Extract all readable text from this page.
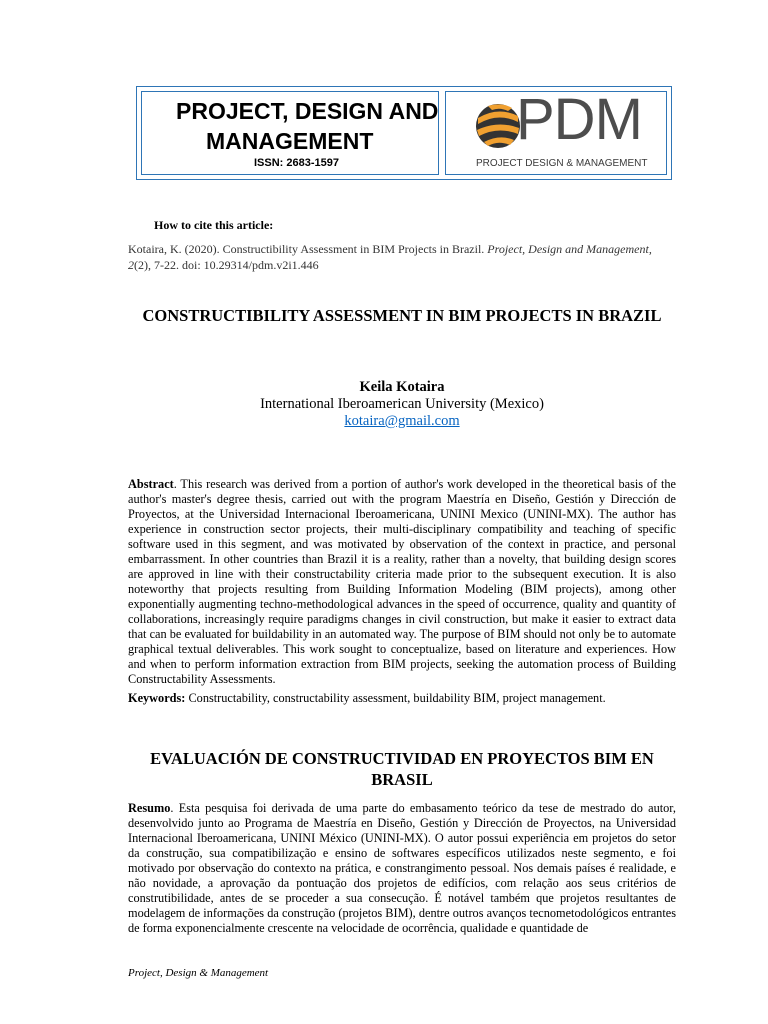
PROJECT, DESIGN AND
MANAGEMENT
ISSN: 2683-1597
PDM
PROJECT DESIGN & MANAGEMENT
How to cite this article:
Kotaira, K. (2020). Constructibility Assessment in BIM Projects in Brazil. Project, Design and Management, 2(2), 7-22. doi: 10.29314/pdm.v2i1.446
CONSTRUCTIBILITY ASSESSMENT IN BIM PROJECTS IN BRAZIL
Keila Kotaira
International Iberoamerican University (Mexico)
kotaira@gmail.com

Abstract. This research was derived from a portion of author's work developed in the theoretical basis of the author's master's degree thesis, carried out with the program Maestría en Diseño, Gestión y Dirección de Proyectos, at the Universidad Internacional Iberoamericana, UNINI Mexico (UNINI-MX). The author has experience in construction sector projects, their multi-disciplinary compatibility and teaching of specific software used in this segment, and was motivated by observation of the context in practice, and personal embarrassment. In other countries than Brazil it is a reality, rather than a novelty, that building design scores are approved in line with their constructability criteria made prior to the subsequent execution. It is also noteworthy that projects resulting from Building Information Modeling (BIM projects), among other exponentially augmenting techno-methodological advances in the speed of occurrence, quality and quantity of collaborations, increasingly require paradigms changes in civil construction, but make it easier to extract data that can be evaluated for buildability in an automated way. The purpose of BIM should not only be to automate graphical textual deliverables. This work sought to conceptualize, based on literature and experiences. How and when to perform information extraction from BIM projects, seeking the automation process of Building Constructability Assessments.

Keywords: Constructability, constructability assessment, buildability BIM, project management.

EVALUACIÓN DE CONSTRUCTIVIDAD EN PROYECTOS BIM EN BRASIL

Resumo. Esta pesquisa foi derivada de uma parte do embasamento teórico da tese de mestrado do autor, desenvolvido junto ao Programa de Maestría en Diseño, Gestión y Dirección de Proyectos, na Universidad Internacional Iberoamericana, UNINI México (UNINI-MX). O autor possui experiência em projetos do setor da construção, sua compatibilização e ensino de softwares específicos utilizados neste segmento, e foi motivado por observação do contexto na prática, e constrangimento pessoal. Nos demais países é realidade, e não novidade, a aprovação da pontuação dos projetos de edifícios, com relação aos seus critérios de construtibilidade, antes de se proceder a sua consecução. É notável também que projetos resultantes de modelagem de informações da construção (projetos BIM), dentre outros avanços tecnometodológicos entrantes de forma exponencialmente crescente na velocidade de ocorrência, qualidade e quantidade de

Project, Design & Management
